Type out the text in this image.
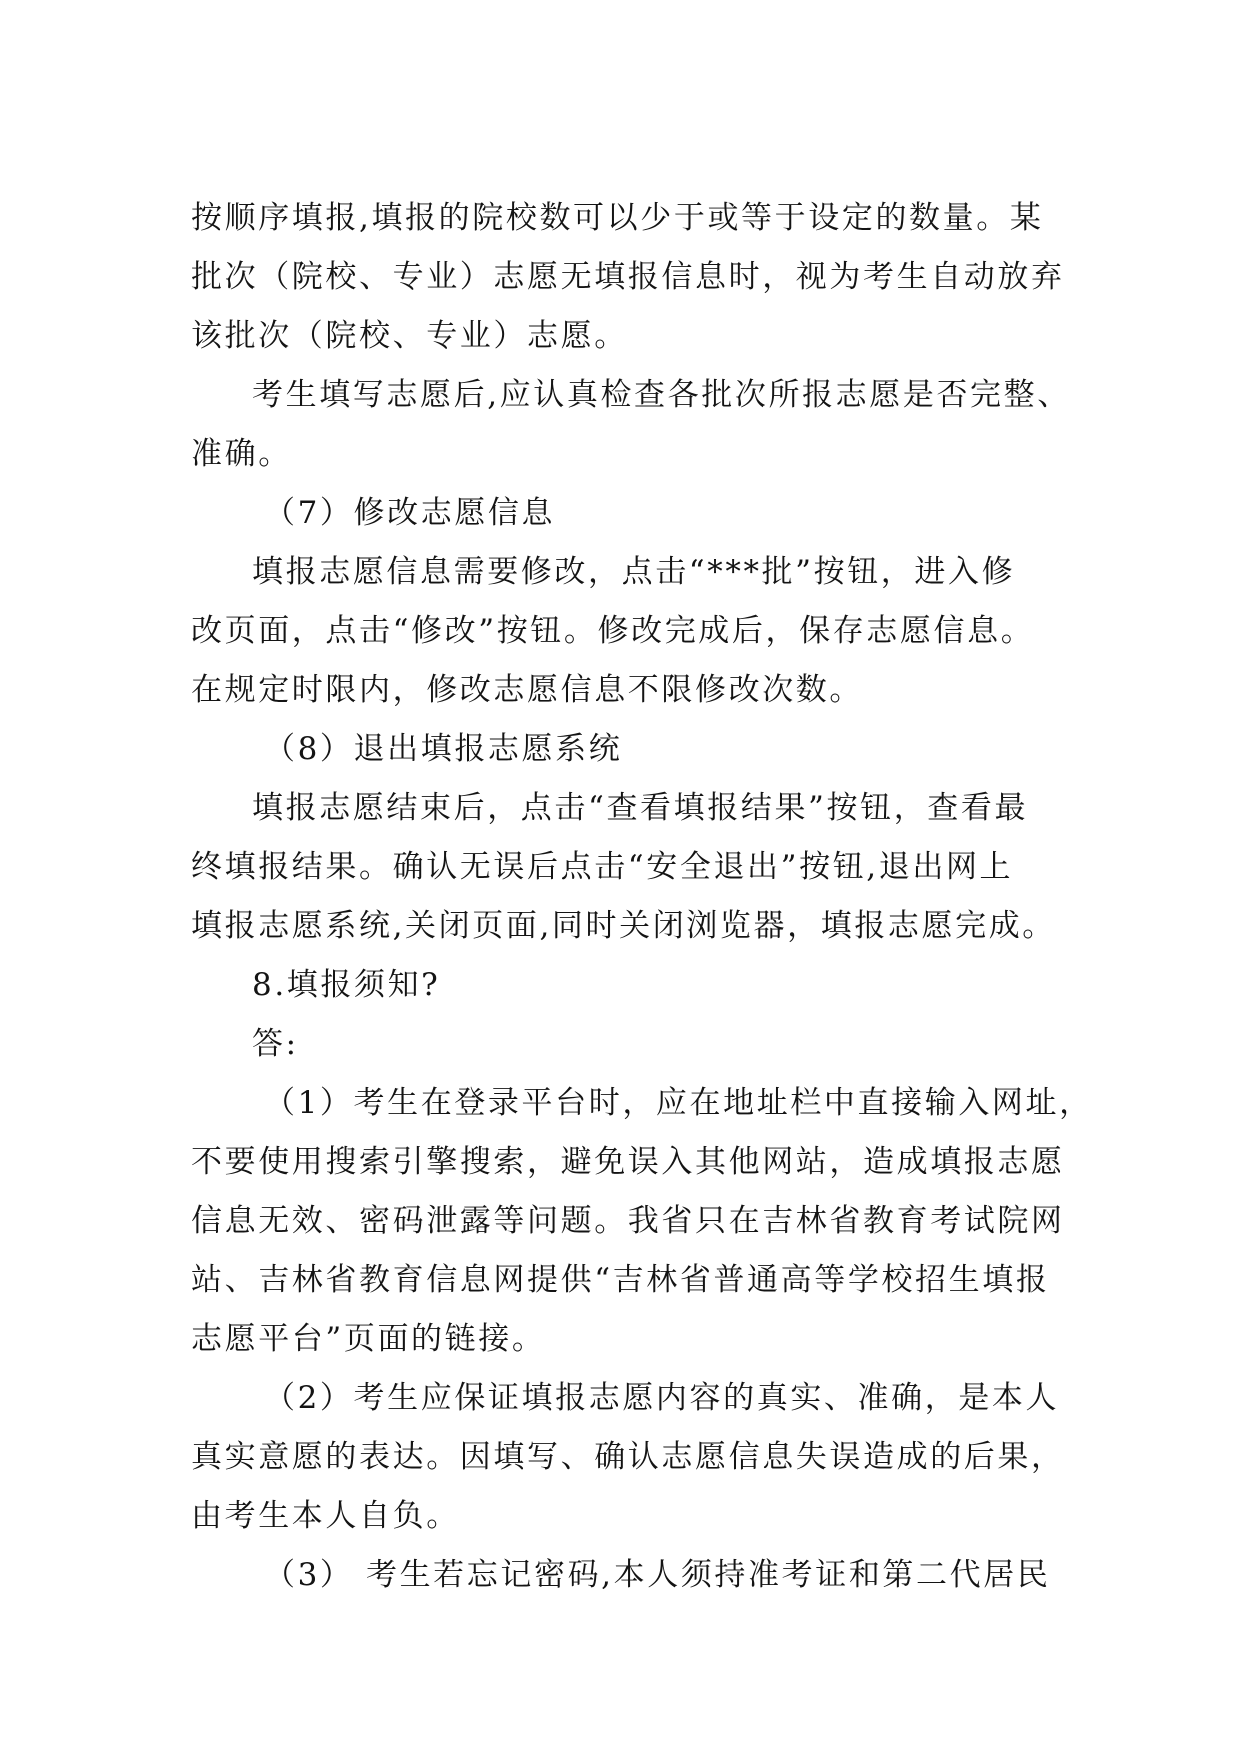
按顺序填报,填报的院校数可以少于或等于设定的数量。某

批次（院校、专业）志愿无填报信息时，视为考生自动放弃

该批次（院校、专业）志愿。

考生填写志愿后,应认真检查各批次所报志愿是否完整、

准确。

（7）修改志愿信息

填报志愿信息需要修改，点击“***批”按钮，进入修

改页面，点击“修改”按钮。修改完成后，保存志愿信息。

在规定时限内，修改志愿信息不限修改次数。

（8）退出填报志愿系统

填报志愿结束后，点击“查看填报结果”按钮，查看最

终填报结果。确认无误后点击“安全退出”按钮,退出网上

填报志愿系统,关闭页面,同时关闭浏览器，填报志愿完成。

8.填报须知?

答:

（1）考生在登录平台时，应在地址栏中直接输入网址，

不要使用搜索引擎搜索，避免误入其他网站，造成填报志愿

信息无效、密码泄露等问题。我省只在吉林省教育考试院网

站、吉林省教育信息网提供“吉林省普通高等学校招生填报

志愿平台”页面的链接。

（2）考生应保证填报志愿内容的真实、准确，是本人

真实意愿的表达。因填写、确认志愿信息失误造成的后果，

由考生本人自负。

（3） 考生若忘记密码,本人须持准考证和第二代居民
